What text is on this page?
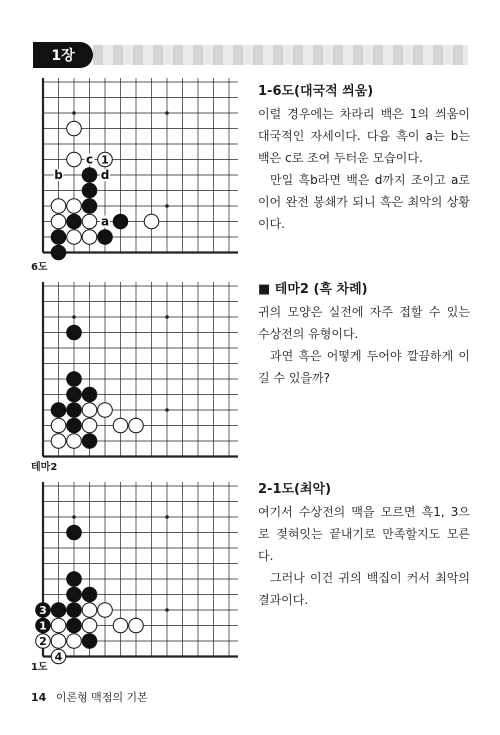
1장
1
c
b	d
a
6도
테마2
3
1
2
4
1도
1-6도(대국적 씌움)

이럴 경우에는 차라리 백은 1의 씌움이 대국적인 자세이다. 다음 흑이 a는 b는 백은 c로 조여 두터운 모습이다.

만일 흑b라면 백은 d까지 조이고 a로 이어 완전 봉쇄가 되니 흑은 최악의 상황이다.

■ 테마2 (흑 차례)

귀의 모양은 실전에 자주 접할 수 있는 수상전의 유형이다.

과연 흑은 어떻게 두어야 깔끔하게 이길 수 있을까?

2-1도(최악)

여기서 수상전의 맥을 모르면 흑1, 3으로 젖혀잇는 끝내기로 만족할지도 모른다.

그러나 이건 귀의 백집이 커서 최악의 결과이다.

14 이론형 맥점의 기본
